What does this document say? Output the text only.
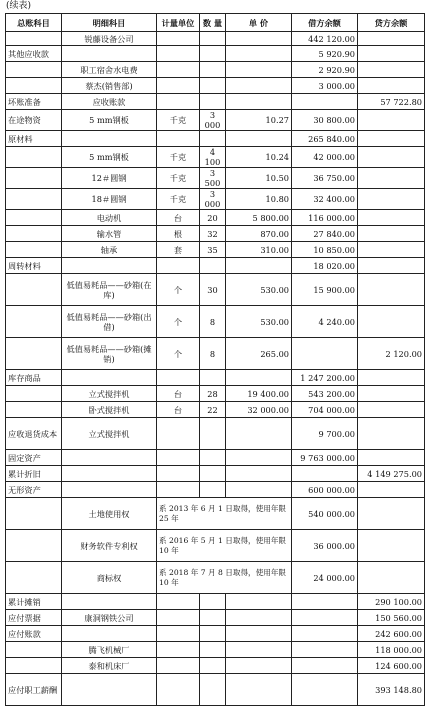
(续表)
总账科目	明细科目	计量单位	数 量	单 价	借方余额	贷方余额
	锐藤设备公司				442 120.00	
其他应收款					5 920.90	
	职工宿舍水电费				2 920.90	
	蔡杰(销售部)				3 000.00	
坏账准备	应收账款					57 722.80
在途物资	5 mm钢板	千克	3 000	10.27	30 800.00	
原材料					265 840.00	
	5 mm钢板	千克	4 100	10.24	42 000.00	
	12＃圆钢	千克	3 500	10.50	36 750.00	
	18＃圆钢	千克	3 000	10.80	32 400.00	
	电动机	台	20	5 800.00	116 000.00	
	输水管	根	32	870.00	27 840.00	
	轴承	套	35	310.00	10 850.00	
周转材料					18 020.00	
	低值易耗品——砂箱(在库)	个	30	530.00	15 900.00	
	低值易耗品——砂箱(出借)	个	8	530.00	4 240.00	
	低值易耗品——砂箱(摊销)	个	8	265.00		2 120.00
库存商品					1 247 200.00	
	立式搅拌机	台	28	19 400.00	543 200.00	
	卧式搅拌机	台	22	32 000.00	704 000.00	
应收退货成本	立式搅拌机				9 700.00	
固定资产					9 763 000.00	
累计折旧						4 149 275.00
无形资产					600 000.00	
	土地使用权	系 2013 年 6 月 1 日取得，使用年限 25 年			540 000.00	
	财务软件专利权	系 2016 年 5 月 1 日取得，使用年限 10 年			36 000.00	
	商标权	系 2018 年 7 月 8 日取得，使用年限 10 年			24 000.00	
累计摊销						290 100.00
应付票据	康洞钢铁公司					150 560.00
应付账款						242 600.00
	腾飞机械厂					118 000.00
	泰和机床厂					124 600.00
应付职工薪酬						393 148.80
